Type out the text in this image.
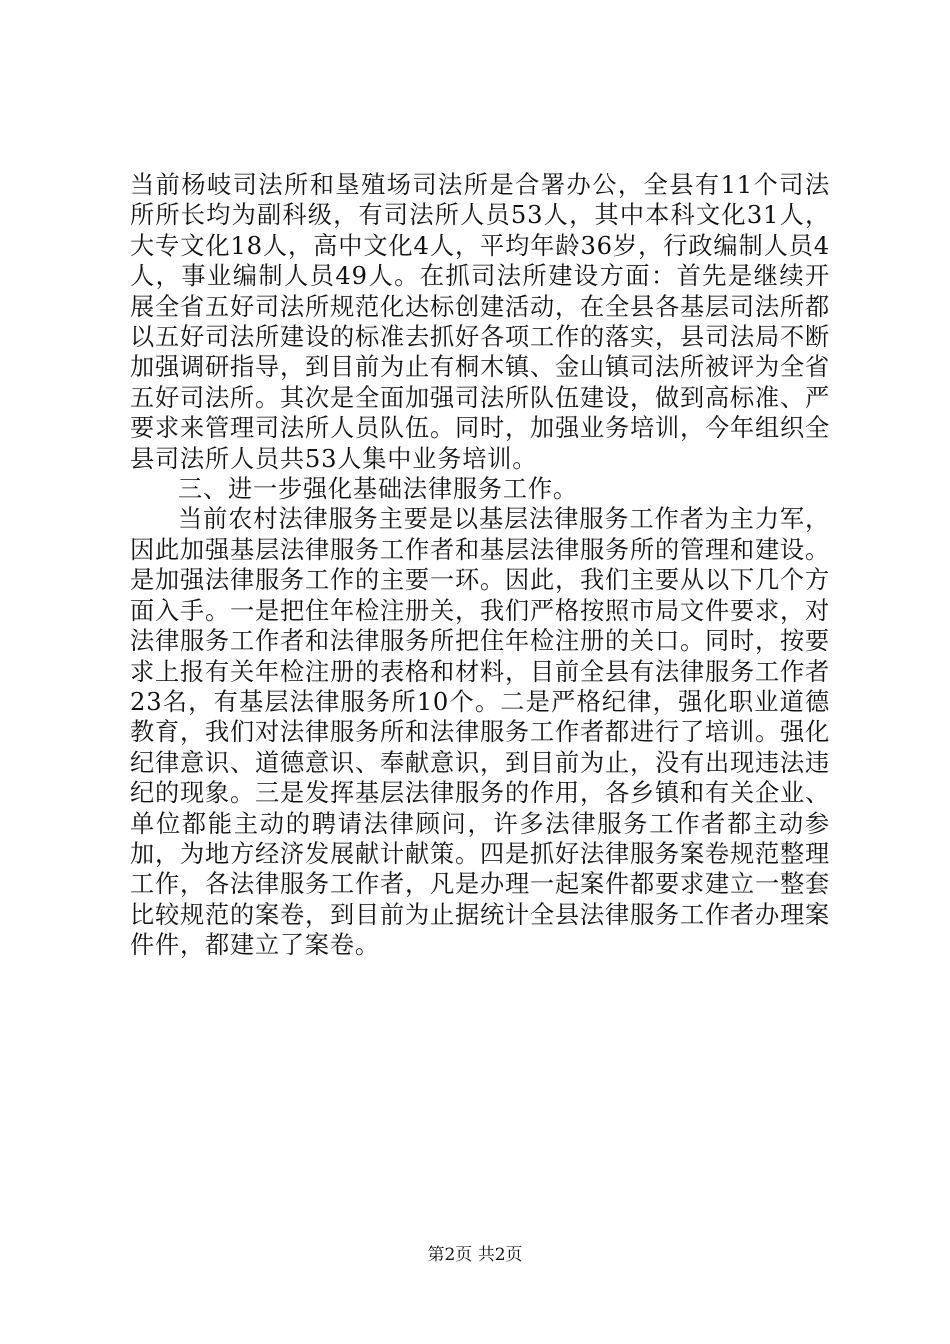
当前杨岐司法所和垦殖场司法所是合署办公，全县有11个司法所所长均为副科级，有司法所人员53人，其中本科文化31人，大专文化18人，高中文化4人，平均年龄36岁，行政编制人员4人，事业编制人员49人。在抓司法所建设方面：首先是继续开展全省五好司法所规范化达标创建活动，在全县各基层司法所都以五好司法所建设的标准去抓好各项工作的落实，县司法局不断加强调研指导，到目前为止有桐木镇、金山镇司法所被评为全省五好司法所。其次是全面加强司法所队伍建设，做到高标准、严要求来管理司法所人员队伍。同时，加强业务培训，今年组织全县司法所人员共53人集中业务培训。

三、进一步强化基础法律服务工作。

当前农村法律服务主要是以基层法律服务工作者为主力军，因此加强基层法律服务工作者和基层法律服务所的管理和建设。是加强法律服务工作的主要一环。因此，我们主要从以下几个方面入手。一是把住年检注册关，我们严格按照市局文件要求，对法律服务工作者和法律服务所把住年检注册的关口。同时，按要求上报有关年检注册的表格和材料，目前全县有法律服务工作者23名，有基层法律服务所10个。二是严格纪律，强化职业道德教育，我们对法律服务所和法律服务工作者都进行了培训。强化纪律意识、道德意识、奉献意识，到目前为止，没有出现违法违纪的现象。三是发挥基层法律服务的作用，各乡镇和有关企业、单位都能主动的聘请法律顾问，许多法律服务工作者都主动参加，为地方经济发展献计献策。四是抓好法律服务案卷规范整理工作，各法律服务工作者，凡是办理一起案件都要求建立一整套比较规范的案卷，到目前为止据统计全县法律服务工作者办理案件件，都建立了案卷。

第2页 共2页
